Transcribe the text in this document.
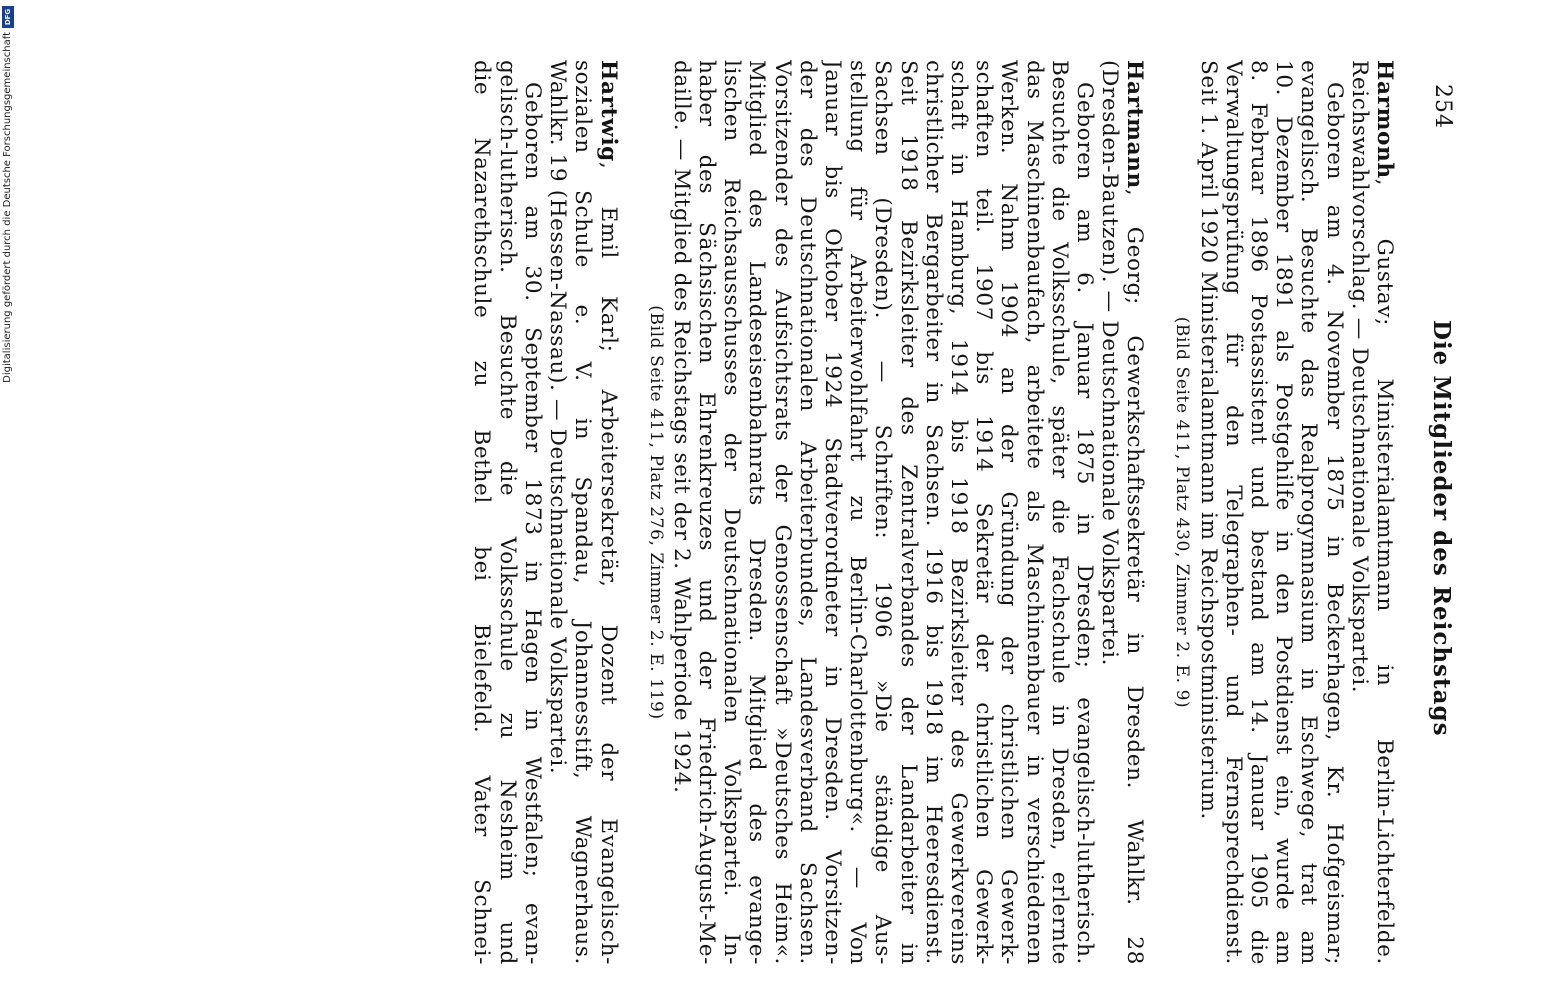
254
Die Mitglieder des Reichstags
Harmonh, Gustav; Ministerialamtmann in Berlin-Lichterfelde.
Reichswahlvorschlag. — Deutschnationale Volkspartei.
Geboren am 4. November 1875 in Beckerhagen, Kr. Hofgeismar;
evangelisch. Besuchte das Realprogymnasium in Eschwege, trat am
10. Dezember 1891 als Postgehilfe in den Postdienst ein, wurde am
8. Februar 1896 Postassistent und bestand am 14. Januar 1905 die
Verwaltungsprüfung für den Telegraphen- und Fernsprechdienst.
Seit 1. April 1920 Ministerialamtmann im Reichspostministerium.
(Bild Seite 411, Platz 430, Zimmer 2. E. 9)
Hartmann, Georg; Gewerkschaftssekretär in Dresden. Wahlkr. 28
(Dresden-Bautzen). — Deutschnationale Volkspartei.
Geboren am 6. Januar 1875 in Dresden; evangelisch-lutherisch.
Besuchte die Volksschule, später die Fachschule in Dresden, erlernte
das Maschinenbaufach, arbeitete als Maschinenbauer in verschiedenen
Werken. Nahm 1904 an der Gründung der christlichen Gewerk-
schaften teil. 1907 bis 1914 Sekretär der christlichen Gewerk-
schaft in Hamburg, 1914 bis 1918 Bezirksleiter des Gewerkvereins
christlicher Bergarbeiter in Sachsen. 1916 bis 1918 im Heeresdienst.
Seit 1918 Bezirksleiter des Zentralverbandes der Landarbeiter in
Sachsen (Dresden). — Schriften: 1906 »Die ständige Aus-
stellung für Arbeiterwohlfahrt zu Berlin-Charlottenburg«. — Von
Januar bis Oktober 1924 Stadtverordneter in Dresden. Vorsitzen-
der des Deutschnationalen Arbeiterbundes, Landesverband Sachsen.
Vorsitzender des Aufsichtsrats der Genossenschaft »Deutsches Heim«.
Mitglied des Landeseisenbahnrats Dresden. Mitglied des evange-
lischen Reichsausschusses der Deutschnationalen Volkspartei. In-
haber des Sächsischen Ehrenkreuzes und der Friedrich-August-Me-
daille. — Mitglied des Reichstags seit der 2. Wahlperiode 1924.
(Bild Seite 411, Platz 276, Zimmer 2. E. 119)
Hartwig, Emil Karl; Arbeitersekretär, Dozent der Evangelisch-
sozialen Schule e. V. in Spandau, Johannesstift, Wagnerhaus.
Wahlkr. 19 (Hessen-Nassau). — Deutschnationale Volkspartei.
Geboren am 30. September 1873 in Hagen in Westfalen; evan-
gelisch-lutherisch. Besuchte die Volksschule zu Nesheim und
die Nazarethschule zu Bethel bei Bielefeld. Vater Schnei-
Digitalisierung gefördert durch die Deutsche Forschungsgemeinschaft
DFG
